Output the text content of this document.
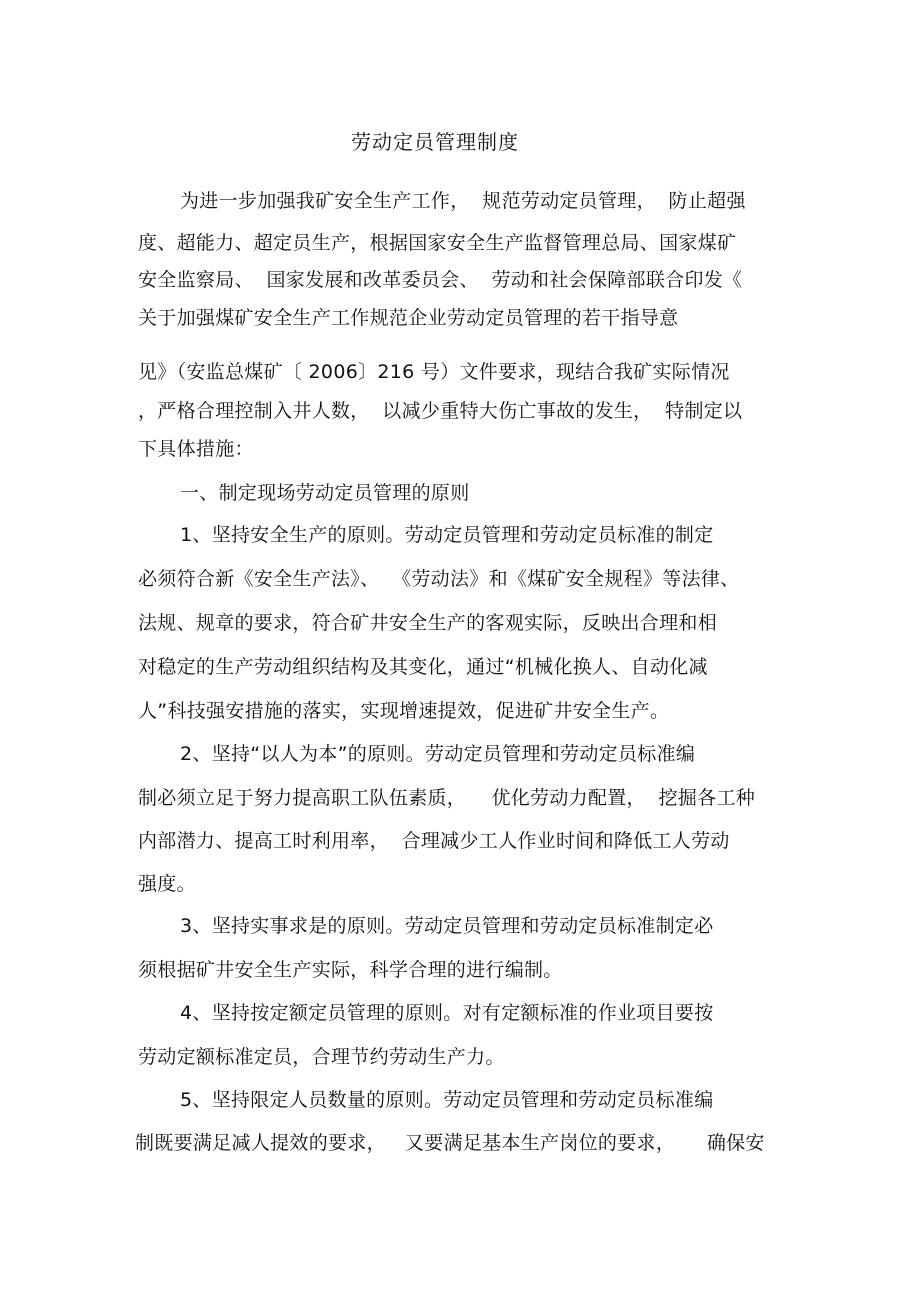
劳动定员管理制度
为进一步加强我矿安全生产工作，  规范劳动定员管理，  防止超强
度、超能力、超定员生产，根据国家安全生产监督管理总局、国家煤矿
安全监察局、  国家发展和改革委员会、  劳动和社会保障部联合印发《
关于加强煤矿安全生产工作规范企业劳动定员管理的若干指导意
见》（安监总煤矿〔 2006〕216 号）文件要求，现结合我矿实际情况
，严格合理控制入井人数，  以减少重特大伤亡事故的发生，  特制定以
下具体措施：
一、制定现场劳动定员管理的原则
1、坚持安全生产的原则。劳动定员管理和劳动定员标准的制定
必须符合新《安全生产法》、  《劳动法》和《煤矿安全规程》等法律、
法规、规章的要求，符合矿井安全生产的客观实际，反映出合理和相
对稳定的生产劳动组织结构及其变化，通过“机械化换人、自动化减
人”科技强安措施的落实，实现增速提效，促进矿井安全生产。
2、坚持“以人为本”的原则。劳动定员管理和劳动定员标准编
制必须立足于努力提高职工队伍素质，    优化劳动力配置，  挖掘各工种
内部潜力、提高工时利用率，  合理减少工人作业时间和降低工人劳动
强度。
3、坚持实事求是的原则。劳动定员管理和劳动定员标准制定必
须根据矿井安全生产实际，科学合理的进行编制。
4、坚持按定额定员管理的原则。对有定额标准的作业项目要按
劳动定额标准定员，合理节约劳动生产力。
5、坚持限定人员数量的原则。劳动定员管理和劳动定员标准编
制既要满足减人提效的要求，   又要满足基本生产岗位的要求，     确保安
